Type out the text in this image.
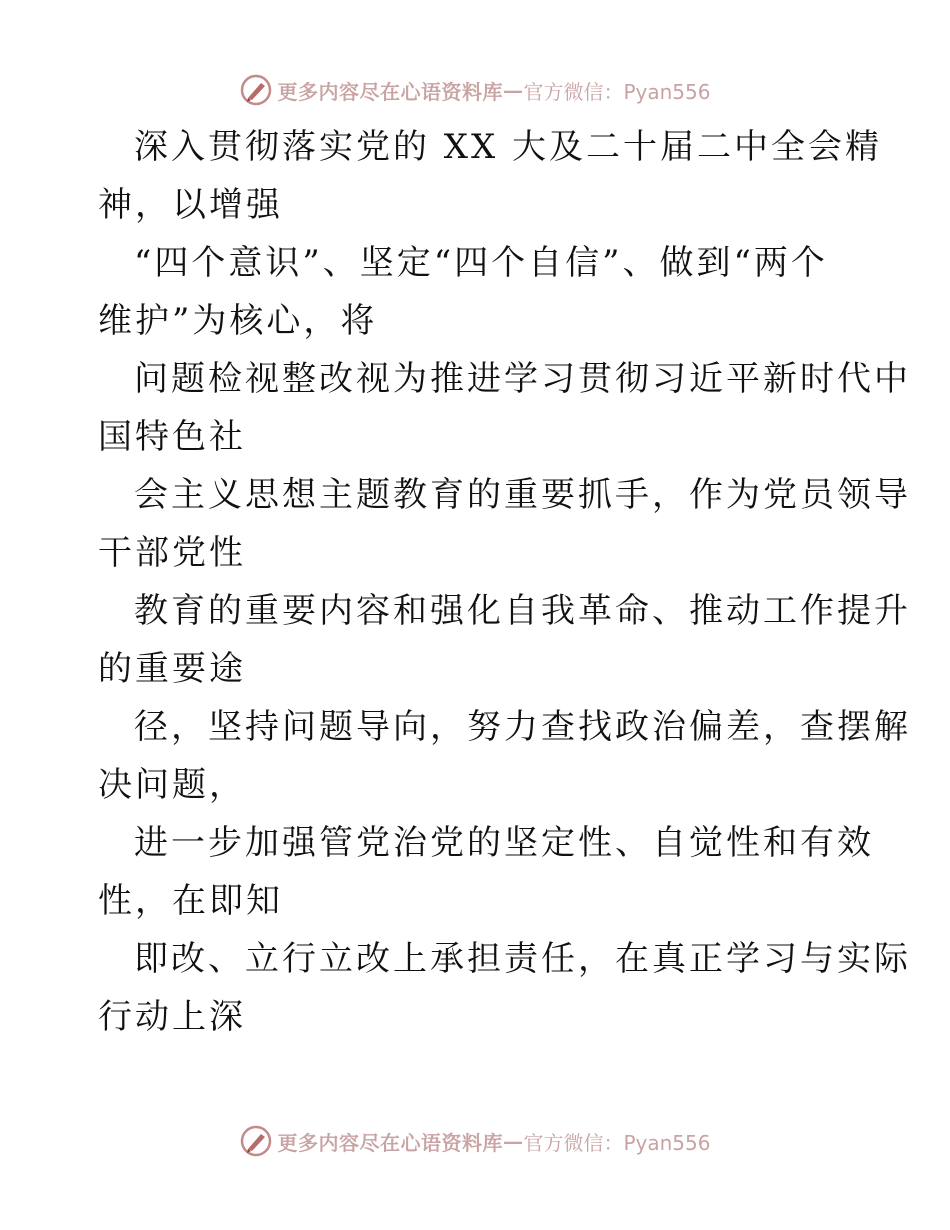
更多内容尽在心语资料库 — 官方微信：Pyan556
深入贯彻落实党的 XX 大及二十届二中全会精
神，以增强
“四个意识”、坚定“四个自信”、做到“两个
维护”为核心，将
问题检视整改视为推进学习贯彻习近平新时代中
国特色社
会主义思想主题教育的重要抓手，作为党员领导
干部党性
教育的重要内容和强化自我革命、推动工作提升
的重要途
径，坚持问题导向，努力查找政治偏差，查摆解
决问题，
进一步加强管党治党的坚定性、自觉性和有效
性，在即知
即改、立行立改上承担责任，在真正学习与实际
行动上深
更多内容尽在心语资料库 — 官方微信：Pyan556
